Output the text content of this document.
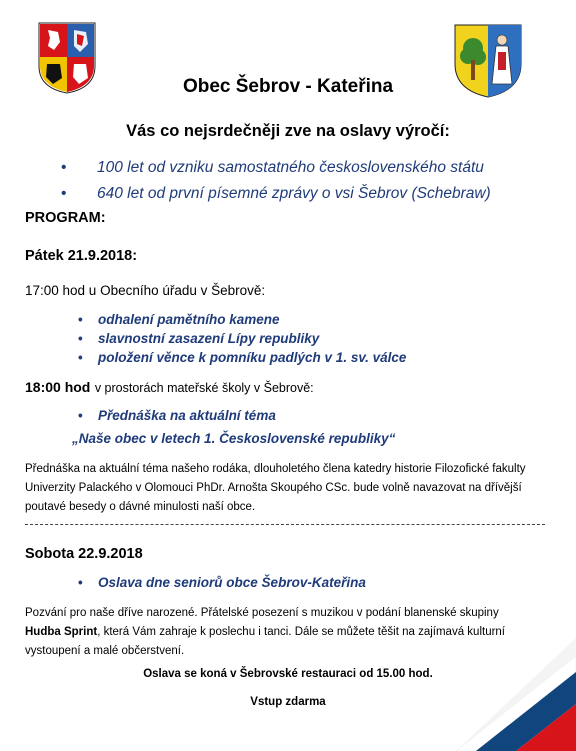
Obec Šebrov - Kateřina
Vás co nejsrdečněji zve na oslavy výročí:
• 100 let od vzniku samostatného československého státu
• 640 let od první písemné zprávy o vsi Šebrov (Schebraw)
PROGRAM:
Pátek 21.9.2018:
17:00 hod u Obecního úřadu v Šebrově:
• odhalení pamětního kamene
• slavnostní zasazení Lípy republiky
• položení věnce k pomníku padlých v 1. sv. válce
18:00 hod v prostorách mateřské školy v Šebrově:
• Přednáška na aktuální téma
„Naše obec v letech 1. Československé republiky“
Přednáška na aktuální téma našeho rodáka, dlouholetého člena katedry historie Filozofické fakulty
Univerzity Palackého v Olomouci PhDr. Arnošta Skoupého CSc. bude volně navazovat na dřívější
poutavé besedy o dávné minulosti naší obce.
Sobota 22.9.2018
• Oslava dne seniorů obce Šebrov-Kateřina
Pozvání pro naše dříve narozené. Přátelské posezení s muzikou v podání blanenské skupiny
Hudba Sprint, která Vám zahraje k poslechu i tanci. Dále se můžete těšit na zajímavá kulturní
vystoupení a malé občerstvení.
Oslava se koná v Šebrovské restauraci od 15.00 hod.
Vstup zdarma
